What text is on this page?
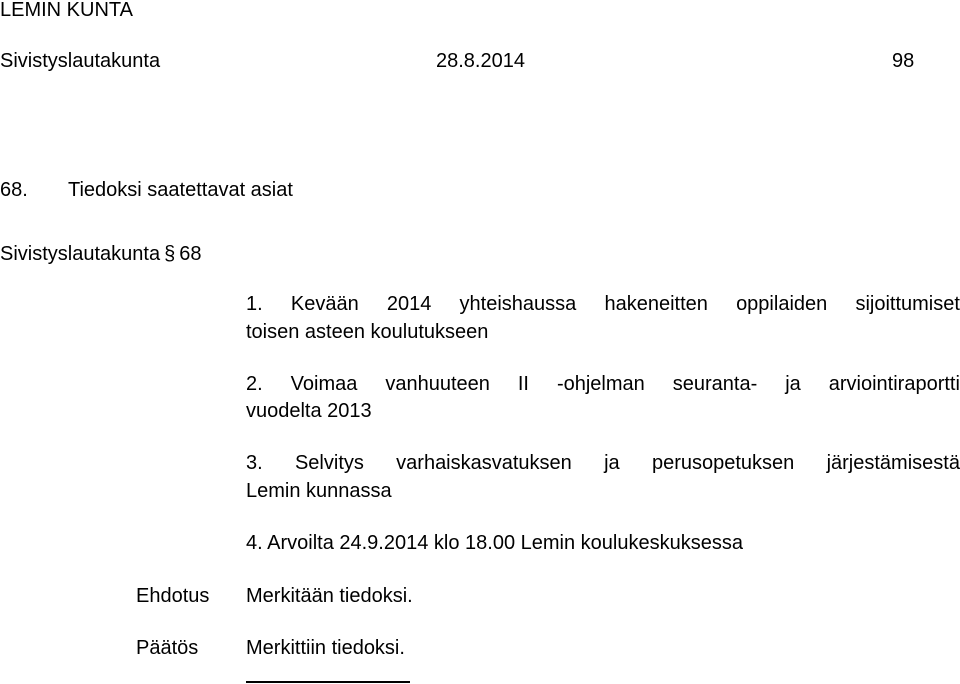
LEMIN KUNTA
Sivistyslautakunta	28.8.2014	98
68. Tiedoksi saatettavat asiat
Sivistyslautakunta § 68
1. Kevään 2014 yhteishaussa hakeneitten oppilaiden sijoittumiset
toisen asteen koulutukseen
2. Voimaa vanhuuteen II -ohjelman seuranta- ja arviointiraportti
vuodelta 2013
3. Selvitys varhaiskasvatuksen ja perusopetuksen järjestämisestä
Lemin kunnassa
4. Arvoilta 24.9.2014 klo 18.00 Lemin koulukeskuksessa
Ehdotus Merkitään tiedoksi.
Päätös Merkittiin tiedoksi.
